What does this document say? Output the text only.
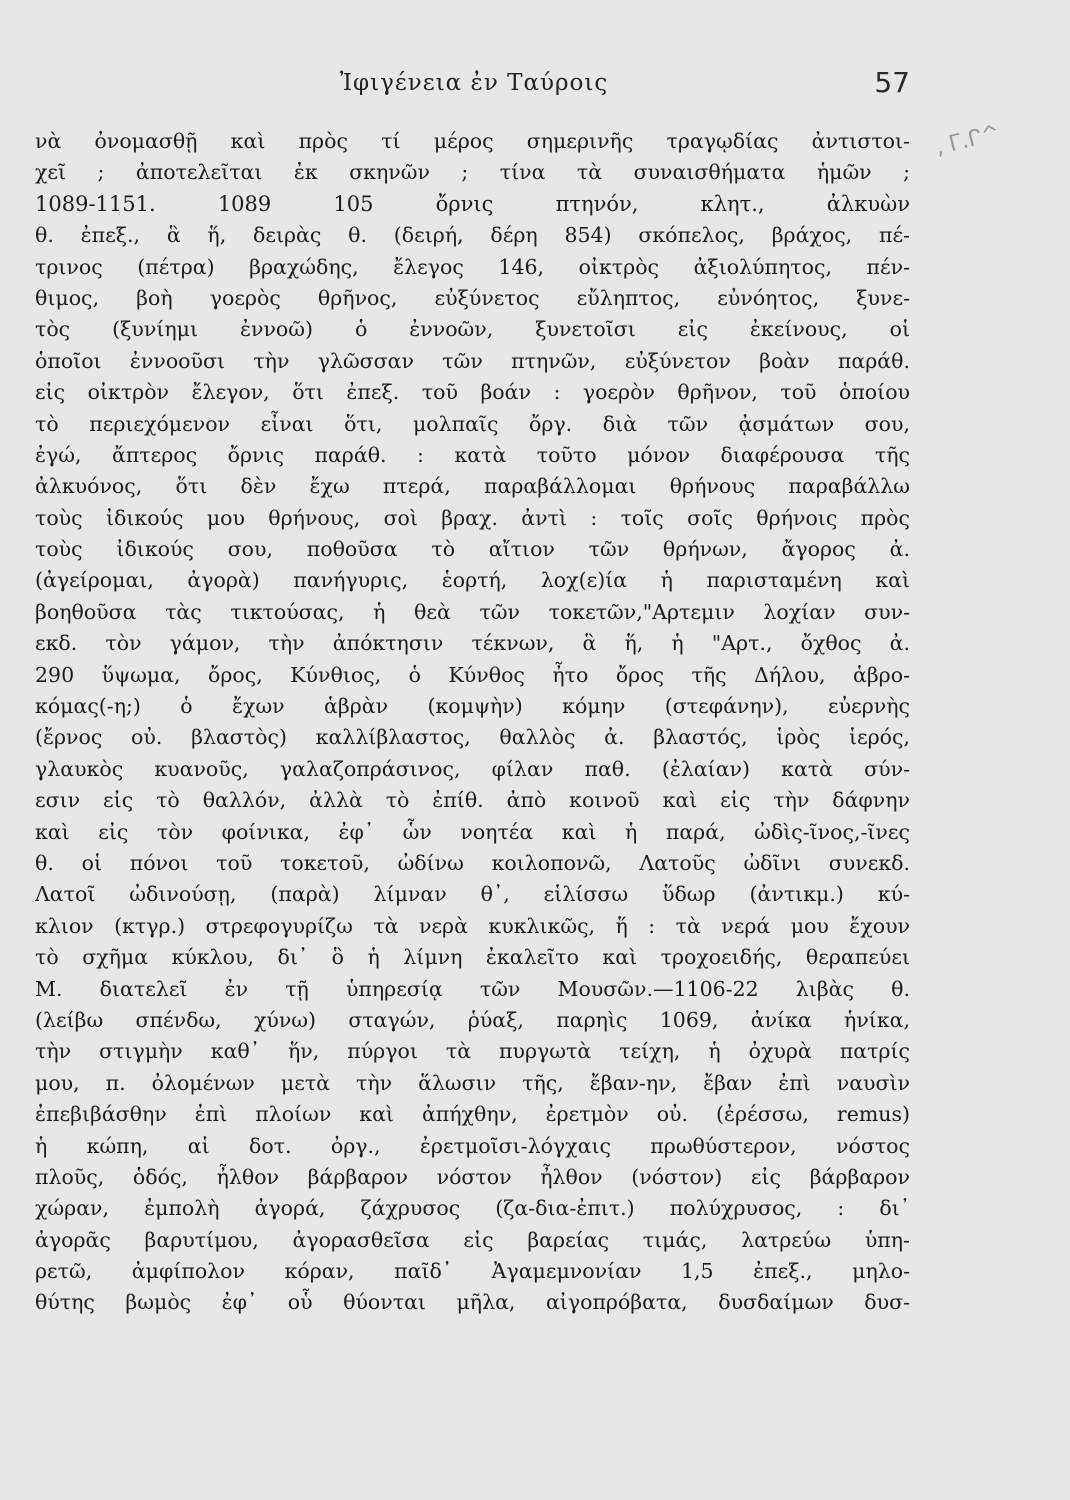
Ἰφιγένεια ἐν Ταύροις	57
, ᒥ.ᒋ^
νὰ ὀνομασθῇ καὶ πρὸς τί μέρος σημερινῆς τραγῳδίας ἀντιστοι-
χεῖ ; ἀποτελεῖται ἐκ σκηνῶν ; τίνα τὰ συναισθήματα ἡμῶν ;
1089-1151. 1089 105 ὄρνις πτηνόν, κλητ., ἀλκυὼν
θ. ἐπεξ., ἃ ἥ, δειρὰς θ. (δειρή, δέρη 854) σκόπελος, βράχος, πέ-
τρινος (πέτρα) βραχώδης, ἔλεγος 146, οἰκτρὸς ἀξιολύπητος, πέν-
θιμος, βοὴ γοερὸς θρῆνος, εὐξύνετος εὔληπτος, εὐνόητος, ξυνε-
τὸς (ξυνίημι ἐννοῶ) ὁ ἐννοῶν, ξυνετοῖσι εἰς ἐκείνους, οἱ
ὁποῖοι ἐννοοῦσι τὴν γλῶσσαν τῶν πτηνῶν, εὐξύνετον βοὰν παράθ.
εἰς οἰκτρὸν ἔλεγον, ὅτι ἐπεξ. τοῦ βοάν : γοερὸν θρῆνον, τοῦ ὁποίου
τὸ περιεχόμενον εἶναι ὅτι, μολπαῖς ὄργ. διὰ τῶν ᾀσμάτων σου,
ἐγώ, ἄπτερος ὄρνις παράθ. : κατὰ τοῦτο μόνον διαφέρουσα τῆς
ἀλκυόνος, ὅτι δὲν ἔχω πτερά, παραβάλλομαι θρήνους παραβάλλω
τοὺς ἰδικούς μου θρήνους, σοὶ βραχ. ἀντὶ : τοῖς σοῖς θρήνοις πρὸς
τοὺς ἰδικούς σου, ποθοῦσα τὸ αἴτιον τῶν θρήνων, ἄγορος ἀ.
(ἀγείρομαι, ἀγορὰ) πανήγυρις, ἑορτή, λοχ(ε)ία ἡ παρισταμένη καὶ
βοηθοῦσα τὰς τικτούσας, ἡ θεὰ τῶν τοκετῶν,"Αρτεμιν λοχίαν συν-
εκδ. τὸν γάμον, τὴν ἀπόκτησιν τέκνων, ἃ ἥ, ἡ "Αρτ., ὄχθος ἀ.
290 ὕψωμα, ὄρος, Κύνθιος, ὁ Κύνθος ἦτο ὄρος τῆς Δήλου, ἁβρο-
κόμας(-η;) ὁ ἔχων ἁβρὰν (κομψὴν) κόμην (στεφάνην), εὐερνὴς
(ἔρνος οὐ. βλαστὸς) καλλίβλαστος, θαλλὸς ἀ. βλαστός, ἱρὸς ἱερός,
γλαυκὸς κυανοῦς, γαλαζοπράσινος, φίλαν παθ. (ἐλαίαν) κατὰ σύν-
εσιν εἰς τὸ θαλλόν, ἀλλὰ τὸ ἐπίθ. ἀπὸ κοινοῦ καὶ εἰς τὴν δάφνην
καὶ εἰς τὸν φοίνικα, ἐφ᾽ ὧν νοητέα καὶ ἡ παρά, ὠδὶς-ῖνος,-ῖνες
θ. οἱ πόνοι τοῦ τοκετοῦ, ὠδίνω κοιλοπονῶ, Λατοῦς ὠδῖνι συνεκδ.
Λατοῖ ὠδινούσῃ, (παρὰ) λίμναν θ᾽, εἱλίσσω ὕδωρ (ἀντικμ.) κύ-
κλιον (κτγρ.) στρεφογυρίζω τὰ νερὰ κυκλικῶς, ἥ : τὰ νερά μου ἔχουν
τὸ σχῆμα κύκλου, δι᾽ ὃ ἡ λίμνη ἐκαλεῖτο καὶ τροχοειδής, θεραπεύει
Μ. διατελεῖ ἐν τῇ ὑπηρεσίᾳ τῶν Μουσῶν.—1106-22 λιβὰς θ.
(λείβω σπένδω, χύνω) σταγών, ῥύαξ, παρηὶς 1069, ἀνίκα ἡνίκα,
τὴν στιγμὴν καθ᾽ ἥν, πύργοι τὰ πυργωτὰ τείχη, ἡ ὀχυρὰ πατρίς
μου, π. ὀλομένων μετὰ τὴν ἅλωσιν τῆς, ἔβαν-ην, ἔβαν ἐπὶ ναυσὶν
ἐπεβιβάσθην ἐπὶ πλοίων καὶ ἀπήχθην, ἐρετμὸν οὐ. (ἐρέσσω, remus)
ἡ κώπη, αἱ δοτ. ὀργ., ἐρετμοῖσι-λόγχαις πρωθύστερον, νόστος
πλοῦς, ὁδός, ἦλθον βάρβαρον νόστον ἦλθον (νόστον) εἰς βάρβαρον
χώραν, ἐμπολὴ ἀγορά, ζάχρυσος (ζα-δια-ἐπιτ.) πολύχρυσος, : δι᾽
ἀγορᾶς βαρυτίμου, ἀγορασθεῖσα εἰς βαρείας τιμάς, λατρεύω ὑπη-
ρετῶ, ἀμφίπολον κόραν, παῖδ᾽ Ἀγαμεμνονίαν 1,5 ἐπεξ., μηλο-
θύτης βωμὸς ἐφ᾽ οὗ θύονται μῆλα, αἰγοπρόβατα, δυσδαίμων δυσ-
